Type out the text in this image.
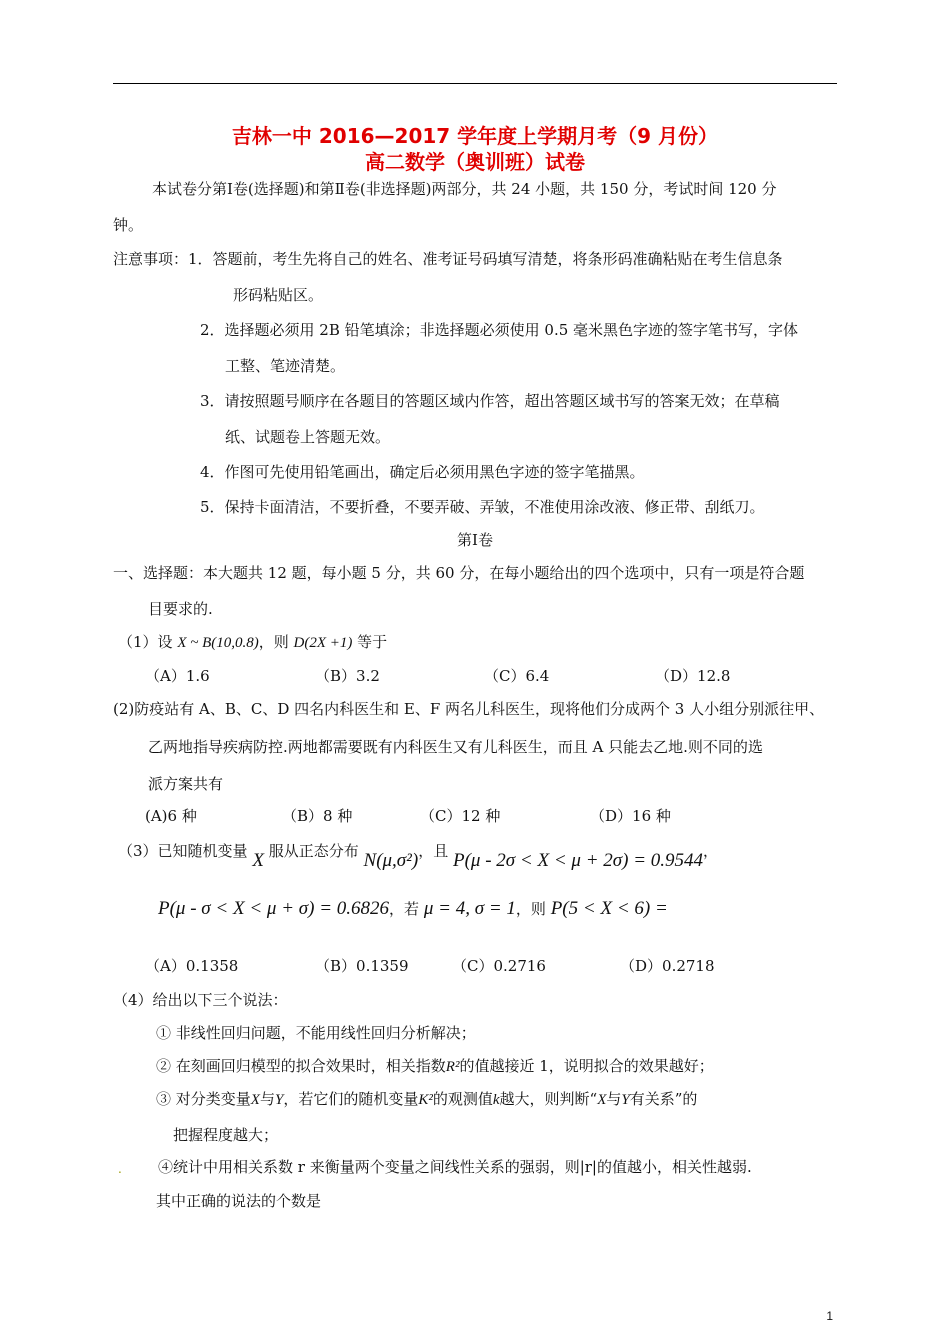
吉林一中 2016—2017 学年度上学期月考（9 月份）
高二数学（奥训班）试卷
本试卷分第Ⅰ卷(选择题)和第Ⅱ卷(非选择题)两部分，共 24 小题，共 150 分，考试时间 120 分
钟。
注意事项：1．答题前，考生先将自己的姓名、准考证号码填写清楚，将条形码准确粘贴在考生信息条
形码粘贴区。
2．选择题必须用 2B 铅笔填涂；非选择题必须使用 0.5 毫米黑色字迹的签字笔书写，字体
工整、笔迹清楚。
3．请按照题号顺序在各题目的答题区域内作答，超出答题区域书写的答案无效；在草稿
纸、试题卷上答题无效。
4．作图可先使用铅笔画出，确定后必须用黑色字迹的签字笔描黑。
5．保持卡面清洁，不要折叠，不要弄破、弄皱，不准使用涂改液、修正带、刮纸刀。
第Ⅰ卷
一、选择题：本大题共 12 题，每小题 5 分，共 60 分，在每小题给出的四个选项中，只有一项是符合题
目要求的.
（1）设 X ~ B(10,0.8)，则 D(2X +1) 等于
（A）1.6	（B）3.2	（C）6.4	（D）12.8
(2)防疫站有 A、B、C、D 四名内科医生和 E、F 两名儿科医生，现将他们分成两个 3 人小组分别派往甲、
乙两地指导疾病防控.两地都需要既有内科医生又有儿科医生，而且 A 只能去乙地.则不同的选
派方案共有
(A)6 种	（B）8 种	（C）12 种	（D）16 种
（3）已知随机变量 X 服从正态分布 N(μ,σ²)，且 P(μ - 2σ < X < μ + 2σ) = 0.9544，
P(μ - σ < X < μ + σ) = 0.6826，若 μ = 4, σ = 1，则 P(5 < X < 6) =
（A）0.1358	（B）0.1359	（C）0.2716	（D）0.2718
（4）给出以下三个说法：
① 非线性回归问题，不能用线性回归分析解决；
② 在刻画回归模型的拟合效果时，相关指数R²的值越接近 1，说明拟合的效果越好；
③ 对分类变量X与Y，若它们的随机变量K²的观测值k越大，则判断“X与Y有关系”的
把握程度越大；
. ④统计中用相关系数 r 来衡量两个变量之间线性关系的强弱，则|r|的值越小，相关性越弱.
其中正确的说法的个数是
1
